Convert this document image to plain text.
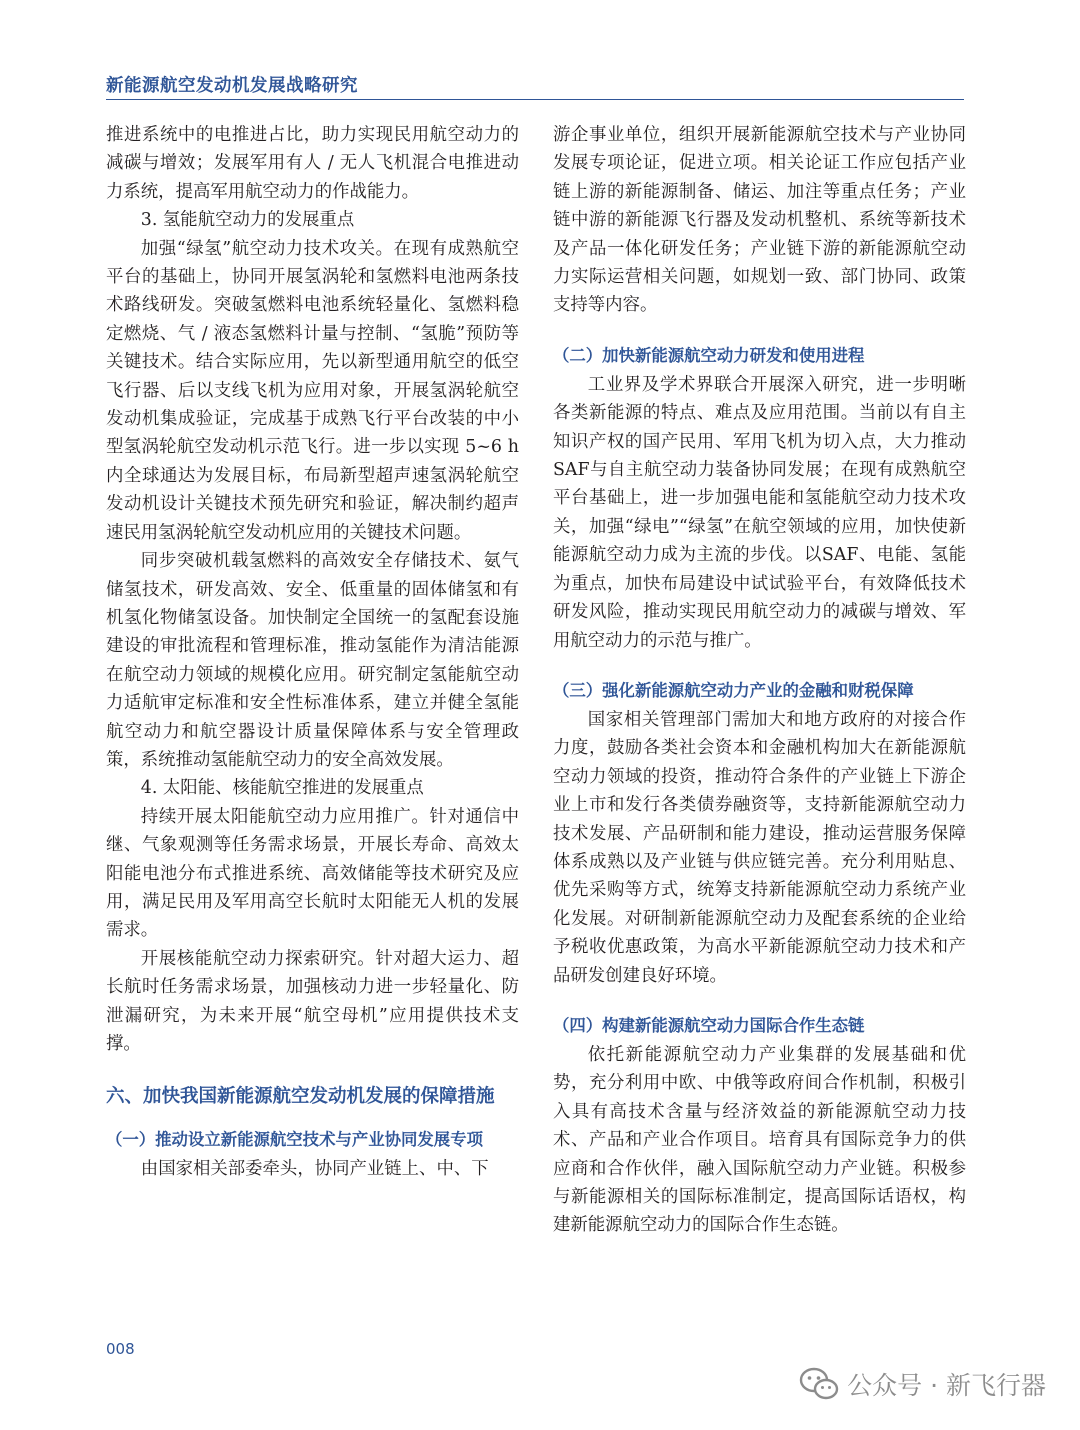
新能源航空发动机发展战略研究

推进系统中的电推进占比，助力实现民用航空动力的减碳与增效；发展军用有人 / 无人飞机混合电推进动力系统，提高军用航空动力的作战能力。

3. 氢能航空动力的发展重点

加强“绿氢”航空动力技术攻关。在现有成熟航空平台的基础上，协同开展氢涡轮和氢燃料电池两条技术路线研发。突破氢燃料电池系统轻量化、氢燃料稳定燃烧、气 / 液态氢燃料计量与控制、“氢脆”预防等关键技术。结合实际应用，先以新型通用航空的低空飞行器、后以支线飞机为应用对象，开展氢涡轮航空发动机集成验证，完成基于成熟飞行平台改装的中小型氢涡轮航空发动机示范飞行。进一步以实现 5~6 h 内全球通达为发展目标，布局新型超声速氢涡轮航空发动机设计关键技术预先研究和验证，解决制约超声速民用氢涡轮航空发动机应用的关键技术问题。

同步突破机载氢燃料的高效安全存储技术、氨气储氢技术，研发高效、安全、低重量的固体储氢和有机氢化物储氢设备。加快制定全国统一的氢配套设施建设的审批流程和管理标准，推动氢能作为清洁能源在航空动力领域的规模化应用。研究制定氢能航空动力适航审定标准和安全性标准体系，建立并健全氢能航空动力和航空器设计质量保障体系与安全管理政策，系统推动氢能航空动力的安全高效发展。

4. 太阳能、核能航空推进的发展重点

持续开展太阳能航空动力应用推广。针对通信中继、气象观测等任务需求场景，开展长寿命、高效太阳能电池分布式推进系统、高效储能等技术研究及应用，满足民用及军用高空长航时太阳能无人机的发展需求。

开展核能航空动力探索研究。针对超大运力、超长航时任务需求场景，加强核动力进一步轻量化、防泄漏研究，为未来开展“航空母机”应用提供技术支撑。

六、加快我国新能源航空发动机发展的保障措施
（一）推动设立新能源航空技术与产业协同发展专项

由国家相关部委牵头，协同产业链上、中、下

游企事业单位，组织开展新能源航空技术与产业协同发展专项论证，促进立项。相关论证工作应包括产业链上游的新能源制备、储运、加注等重点任务；产业链中游的新能源飞行器及发动机整机、系统等新技术及产品一体化研发任务；产业链下游的新能源航空动力实际运营相关问题，如规划一致、部门协同、政策支持等内容。

（二）加快新能源航空动力研发和使用进程

工业界及学术界联合开展深入研究，进一步明晰各类新能源的特点、难点及应用范围。当前以有自主知识产权的国产民用、军用飞机为切入点，大力推动SAF与自主航空动力装备协同发展；在现有成熟航空平台基础上，进一步加强电能和氢能航空动力技术攻关，加强“绿电”“绿氢”在航空领域的应用，加快使新能源航空动力成为主流的步伐。以SAF、电能、氢能为重点，加快布局建设中试试验平台，有效降低技术研发风险，推动实现民用航空动力的减碳与增效、军用航空动力的示范与推广。

（三）强化新能源航空动力产业的金融和财税保障

国家相关管理部门需加大和地方政府的对接合作力度，鼓励各类社会资本和金融机构加大在新能源航空动力领域的投资，推动符合条件的产业链上下游企业上市和发行各类债券融资等，支持新能源航空动力技术发展、产品研制和能力建设，推动运营服务保障体系成熟以及产业链与供应链完善。充分利用贴息、优先采购等方式，统筹支持新能源航空动力系统产业化发展。对研制新能源航空动力及配套系统的企业给予税收优惠政策，为高水平新能源航空动力技术和产品研发创建良好环境。

（四）构建新能源航空动力国际合作生态链

依托新能源航空动力产业集群的发展基础和优势，充分利用中欧、中俄等政府间合作机制，积极引入具有高技术含量与经济效益的新能源航空动力技术、产品和产业合作项目。培育具有国际竞争力的供应商和合作伙伴，融入国际航空动力产业链。积极参与新能源相关的国际标准制定，提高国际话语权，构建新能源航空动力的国际合作生态链。

008
公众号 · 新飞行器
